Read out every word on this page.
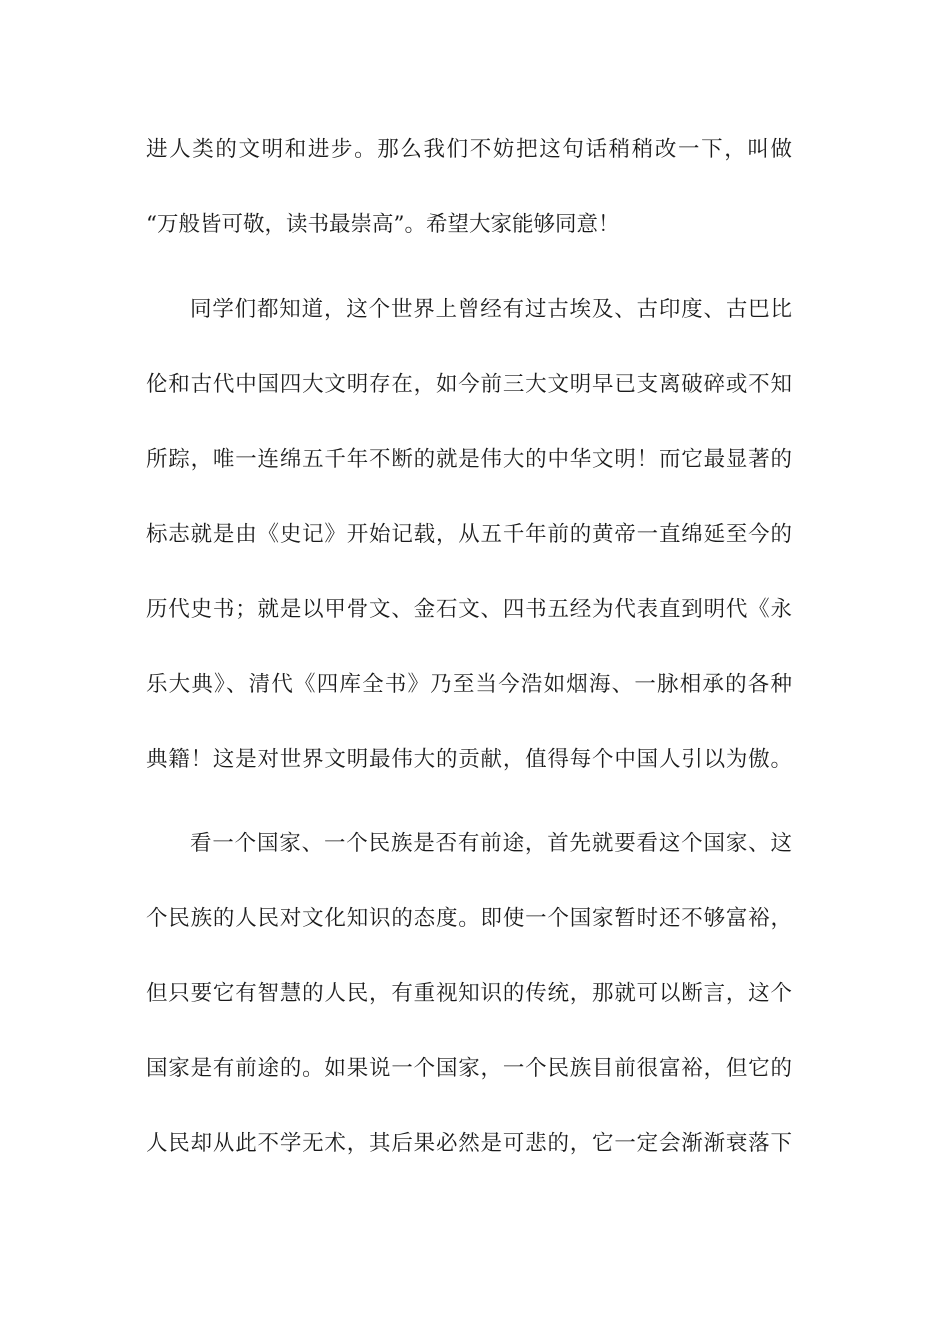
进人类的文明和进步。那么我们不妨把这句话稍稍改一下，叫做
“万般皆可敬，读书最崇高”。希望大家能够同意！
同学们都知道，这个世界上曾经有过古埃及、古印度、古巴比
伦和古代中国四大文明存在，如今前三大文明早已支离破碎或不知
所踪，唯一连绵五千年不断的就是伟大的中华文明！而它最显著的
标志就是由《史记》开始记载，从五千年前的黄帝一直绵延至今的
历代史书；就是以甲骨文、金石文、四书五经为代表直到明代《永
乐大典》、清代《四库全书》乃至当今浩如烟海、一脉相承的各种
典籍！这是对世界文明最伟大的贡献，值得每个中国人引以为傲。
看一个国家、一个民族是否有前途，首先就要看这个国家、这
个民族的人民对文化知识的态度。即使一个国家暂时还不够富裕，
但只要它有智慧的人民，有重视知识的传统，那就可以断言，这个
国家是有前途的。如果说一个国家，一个民族目前很富裕，但它的
人民却从此不学无术，其后果必然是可悲的，它一定会渐渐衰落下
